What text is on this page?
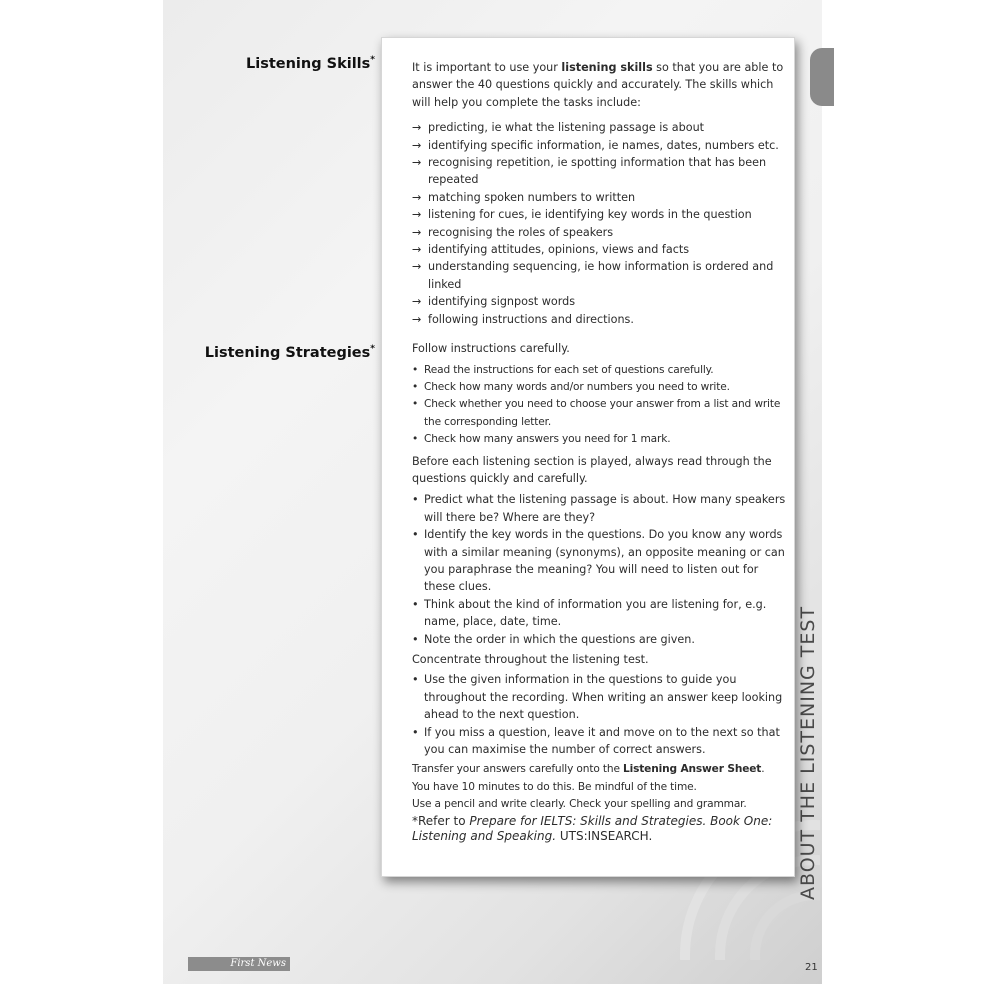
ABOUT THE LISTENING TEST
Listening Skills*
Listening Strategies*

It is important to use your listening skills so that you are able to answer the 40 questions quickly and accurately. The skills which will help you complete the tasks include:

→ predicting, ie what the listening passage is about
→ identifying specific information, ie names, dates, numbers etc.
→ recognising repetition, ie spotting information that has been repeated
→ matching spoken numbers to written
→ listening for cues, ie identifying key words in the question
→ recognising the roles of speakers
→ identifying attitudes, opinions, views and facts
→ understanding sequencing, ie how information is ordered and linked
→ identifying signpost words
→ following instructions and directions.

Follow instructions carefully.

• Read the instructions for each set of questions carefully.
• Check how many words and/or numbers you need to write.
• Check whether you need to choose your answer from a list and write the corresponding letter.
• Check how many answers you need for 1 mark.

Before each listening section is played, always read through the questions quickly and carefully.

• Predict what the listening passage is about. How many speakers will there be? Where are they?
• Identify the key words in the questions. Do you know any words with a similar meaning (synonyms), an opposite meaning or can you paraphrase the meaning? You will need to listen out for these clues.
• Think about the kind of information you are listening for, e.g. name, place, date, time.
• Note the order in which the questions are given.

Concentrate throughout the listening test.

• Use the given information in the questions to guide you throughout the recording. When writing an answer keep looking ahead to the next question.
• If you miss a question, leave it and move on to the next so that you can maximise the number of correct answers.

Transfer your answers carefully onto the Listening Answer Sheet.

You have 10 minutes to do this. Be mindful of the time.

Use a pencil and write clearly. Check your spelling and grammar.

*Refer to Prepare for IELTS: Skills and Strategies. Book One: Listening and Speaking. UTS:INSEARCH.

First News	21
